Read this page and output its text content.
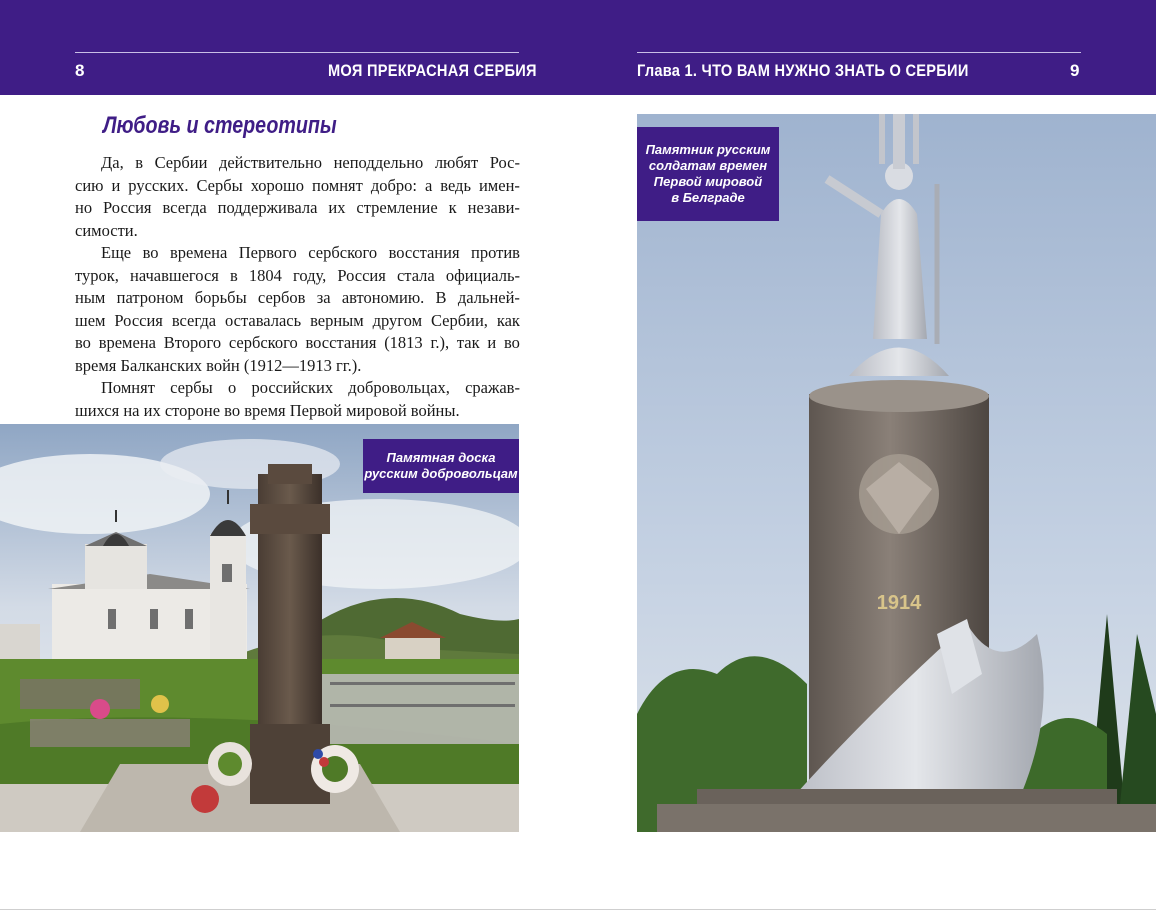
8	МОЯ ПРЕКРАСНАЯ СЕРБИЯ	Глава 1. ЧТО ВАМ НУЖНО ЗНАТЬ О СЕРБИИ	9
Любовь и стереотипы
Да, в Сербии действительно неподдельно любят Рос-
сию и русских. Сербы хорошо помнят добро: а ведь имен-
но Россия всегда поддерживала их стремление к незави-
симости.
Еще во времена Первого сербского восстания против
турок, начавшегося в 1804 году, Россия стала официаль-
ным патроном борьбы сербов за автономию. В дальней-
шем Россия всегда оставалась верным другом Сербии, как
во времена Второго сербского восстания (1813 г.), так и во
время Балканских войн (1912—1913 гг.).
Помнят сербы о российских добровольцах, сражав-
шихся на их стороне во время Первой мировой войны.
Памятная доска
русским добровольцам
1914
Памятник русским
солдатам времен
Первой мировой
в Белграде
